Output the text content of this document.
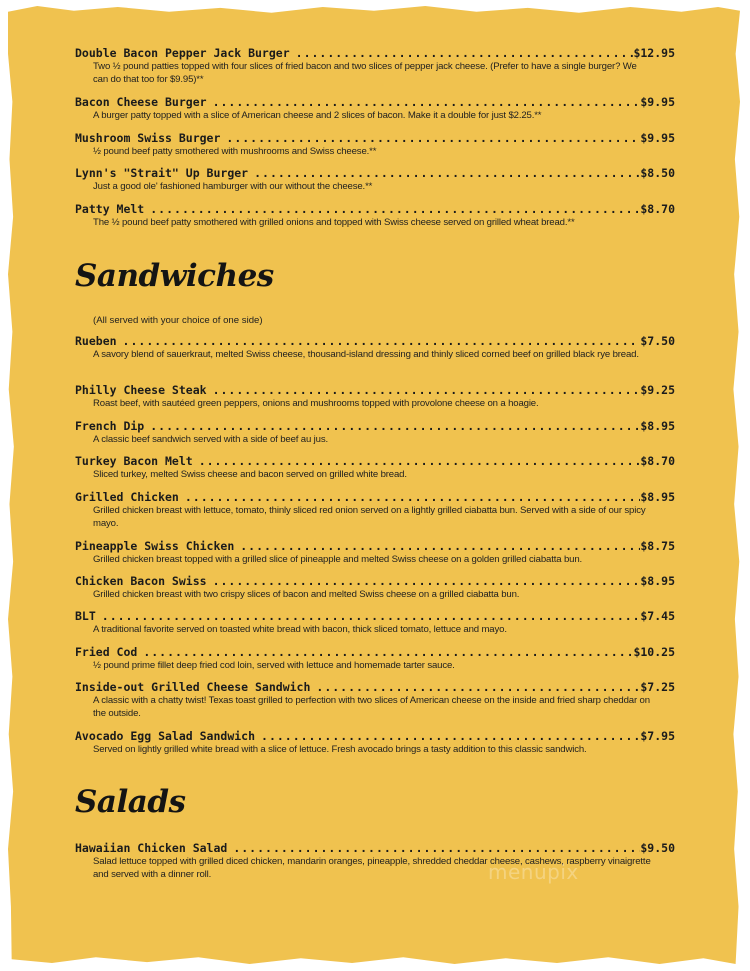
Double Bacon Pepper Jack Burger .....	$12.95
Two ½ pound patties topped with four slices of fried bacon and two slices of pepper jack cheese. (Prefer to have a single burger? We can do that too for $9.95)**
Bacon Cheese Burger .....	$9.95
A burger patty topped with a slice of American cheese and 2 slices of bacon. Make it a double for just $2.25.**
Mushroom Swiss Burger .....	$9.95
½ pound beef patty smothered with mushrooms and Swiss cheese.**
Lynn's "Strait" Up Burger .....	$8.50
Just a good ole' fashioned hamburger with our without the cheese.**
Patty Melt .....	$8.70
The ½ pound beef patty smothered with grilled onions and topped with Swiss cheese served on grilled wheat bread.**
Sandwiches
(All served with your choice of one side)
Rueben .....	$7.50
A savory blend of sauerkraut, melted Swiss cheese, thousand-island dressing and thinly sliced corned beef on grilled black rye bread.
Philly Cheese Steak .....	$9.25
Roast beef, with sautéed green peppers, onions and mushrooms topped with provolone cheese on a hoagie.
French Dip .....	$8.95
A classic beef sandwich served with a side of beef au jus.
Turkey Bacon Melt .....	$8.70
Sliced turkey, melted Swiss cheese and bacon served on grilled white bread.
Grilled Chicken .....	$8.95
Grilled chicken breast with lettuce, tomato, thinly sliced red onion served on a lightly grilled ciabatta bun. Served with a side of our spicy mayo.
Pineapple Swiss Chicken .....	$8.75
Grilled chicken breast topped with a grilled slice of pineapple and melted Swiss cheese on a golden grilled ciabatta bun.
Chicken Bacon Swiss .....	$8.95
Grilled chicken breast with two crispy slices of bacon and melted Swiss cheese on a grilled ciabatta bun.
BLT .....	$7.45
A traditional favorite served on toasted white bread with bacon, thick sliced tomato, lettuce and mayo.
Fried Cod .....	$10.25
½ pound prime fillet deep fried cod loin, served with lettuce and homemade tarter sauce.
Inside-out Grilled Cheese Sandwich .....	$7.25
A classic with a chatty twist! Texas toast grilled to perfection with two slices of American cheese on the inside and fried sharp cheddar on the outside.
Avocado Egg Salad Sandwich .....	$7.95
Served on lightly grilled white bread with a slice of lettuce. Fresh avocado brings a tasty addition to this classic sandwich.
Salads
Hawaiian Chicken Salad .....	$9.50
Salad lettuce topped with grilled diced chicken, mandarin oranges, pineapple, shredded cheddar cheese, cashews, raspberry vinaigrette and served with a dinner roll.	menupix
